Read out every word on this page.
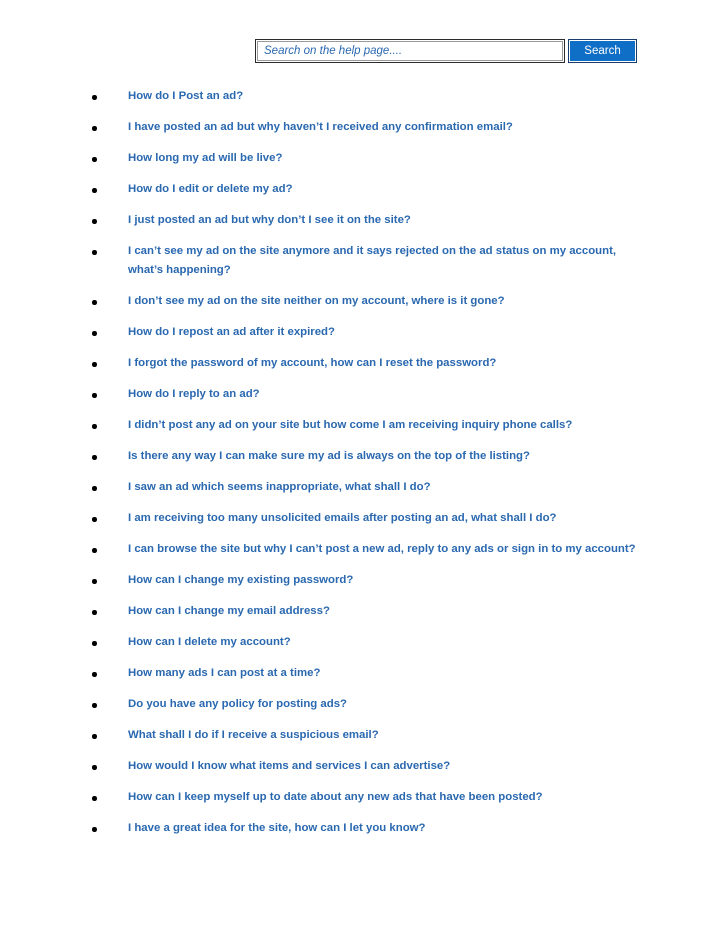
Search on the help page....
Search
How do I Post an ad?
I have posted an ad but why haven’t I received any confirmation email?
How long my ad will be live?
How do I edit or delete my ad?
I just posted an ad but why don’t I see it on the site?
I can’t see my ad on the site anymore and it says rejected on the ad status on my account, what’s happening?
I don’t see my ad on the site neither on my account, where is it gone?
How do I repost an ad after it expired?
I forgot the password of my account, how can I reset the password?
How do I reply to an ad?
I didn’t post any ad on your site but how come I am receiving inquiry phone calls?
Is there any way I can make sure my ad is always on the top of the listing?
I saw an ad which seems inappropriate, what shall I do?
I am receiving too many unsolicited emails after posting an ad, what shall I do?
I can browse the site but why I can’t post a new ad, reply to any ads or sign in to my account?
How can I change my existing password?
How can I change my email address?
How can I delete my account?
How many ads I can post at a time?
Do you have any policy for posting ads?
What shall I do if I receive a suspicious email?
How would I know what items and services I can advertise?
How can I keep myself up to date about any new ads that have been posted?
I have a great idea for the site, how can I let you know?
